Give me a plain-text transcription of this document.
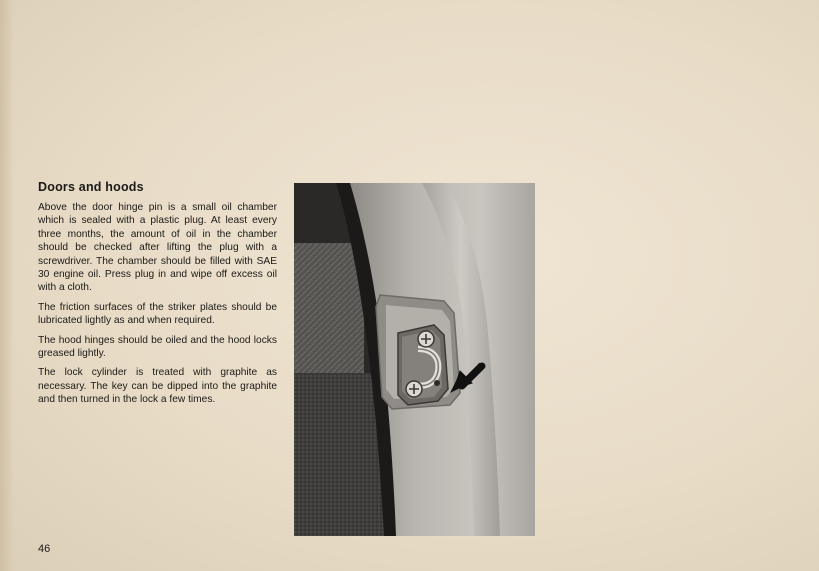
Doors and hoods

Above the door hinge pin is a small oil chamber which is sealed with a plastic plug. At least every three months, the amount of oil in the chamber should be checked after lifting the plug with a screwdriver. The chamber should be filled with SAE 30 engine oil. Press plug in and wipe off excess oil with a cloth.

The friction surfaces of the striker plates should be lubricated lightly as and when required.

The hood hinges should be oiled and the hood locks greased lightly.

The lock cylinder is treated with graphite as necessary. The key can be dipped into the graphite and then turned in the lock a few times.

46
